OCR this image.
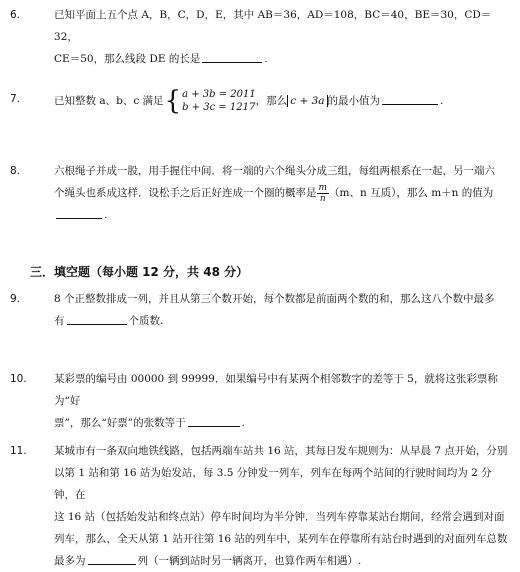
6.	已知平面上五个点 A，B，C，D，E，其中 AB＝36，AD＝108，BC＝40，BE＝30，CD＝32，
CE＝50，那么线段 DE 的长是	.
7.	已知整数 a、b、c 满足{ a + 3b = 2011
b + 3c = 1217
，那么 c + 3a 的最小值为	.
8.	六根绳子并成一股，用手握住中间．将一端的六个绳头分成三组，每组两根系在一起，另一端六
个绳头也系成这样．设松手之后正好连成一个圈的概率是 $\frac{m}{n} (m$、n 互质），那么 m＋n 的值为
.
三．填空题（每小题 12 分，共 48 分）
9.	8 个正整数排成一列，并且从第三个数开始，每个数都是前面两个数的和，那么这八个数中最多
有	个质数.
10.	某彩票的编号由 00000 到 99999．如果编号中有某两个相邻数字的差等于 5，就将这张彩票称为“好
票”，那么“好票”的张数等于	.
11.	某城市有一条双向地铁线路，包括两端车站共 16 站，其每日发车规则为：从早晨 7 点开始，分别
以第 1 站和第 16 站为始发站，每 3.5 分钟发一列车，列车在每两个站间的行驶时间均为 2 分钟，在
这 16 站（包括始发站和终点站）停车时间均为半分钟．当列车停靠某站台期间，经常会遇到对面
列车，那么，全天从第 1 站开往第 16 站的列车中，某列车在停靠所有站台时遇到的对面列车总数
最多为	列（一辆到站时另一辆离开，也算作两车相遇）.
